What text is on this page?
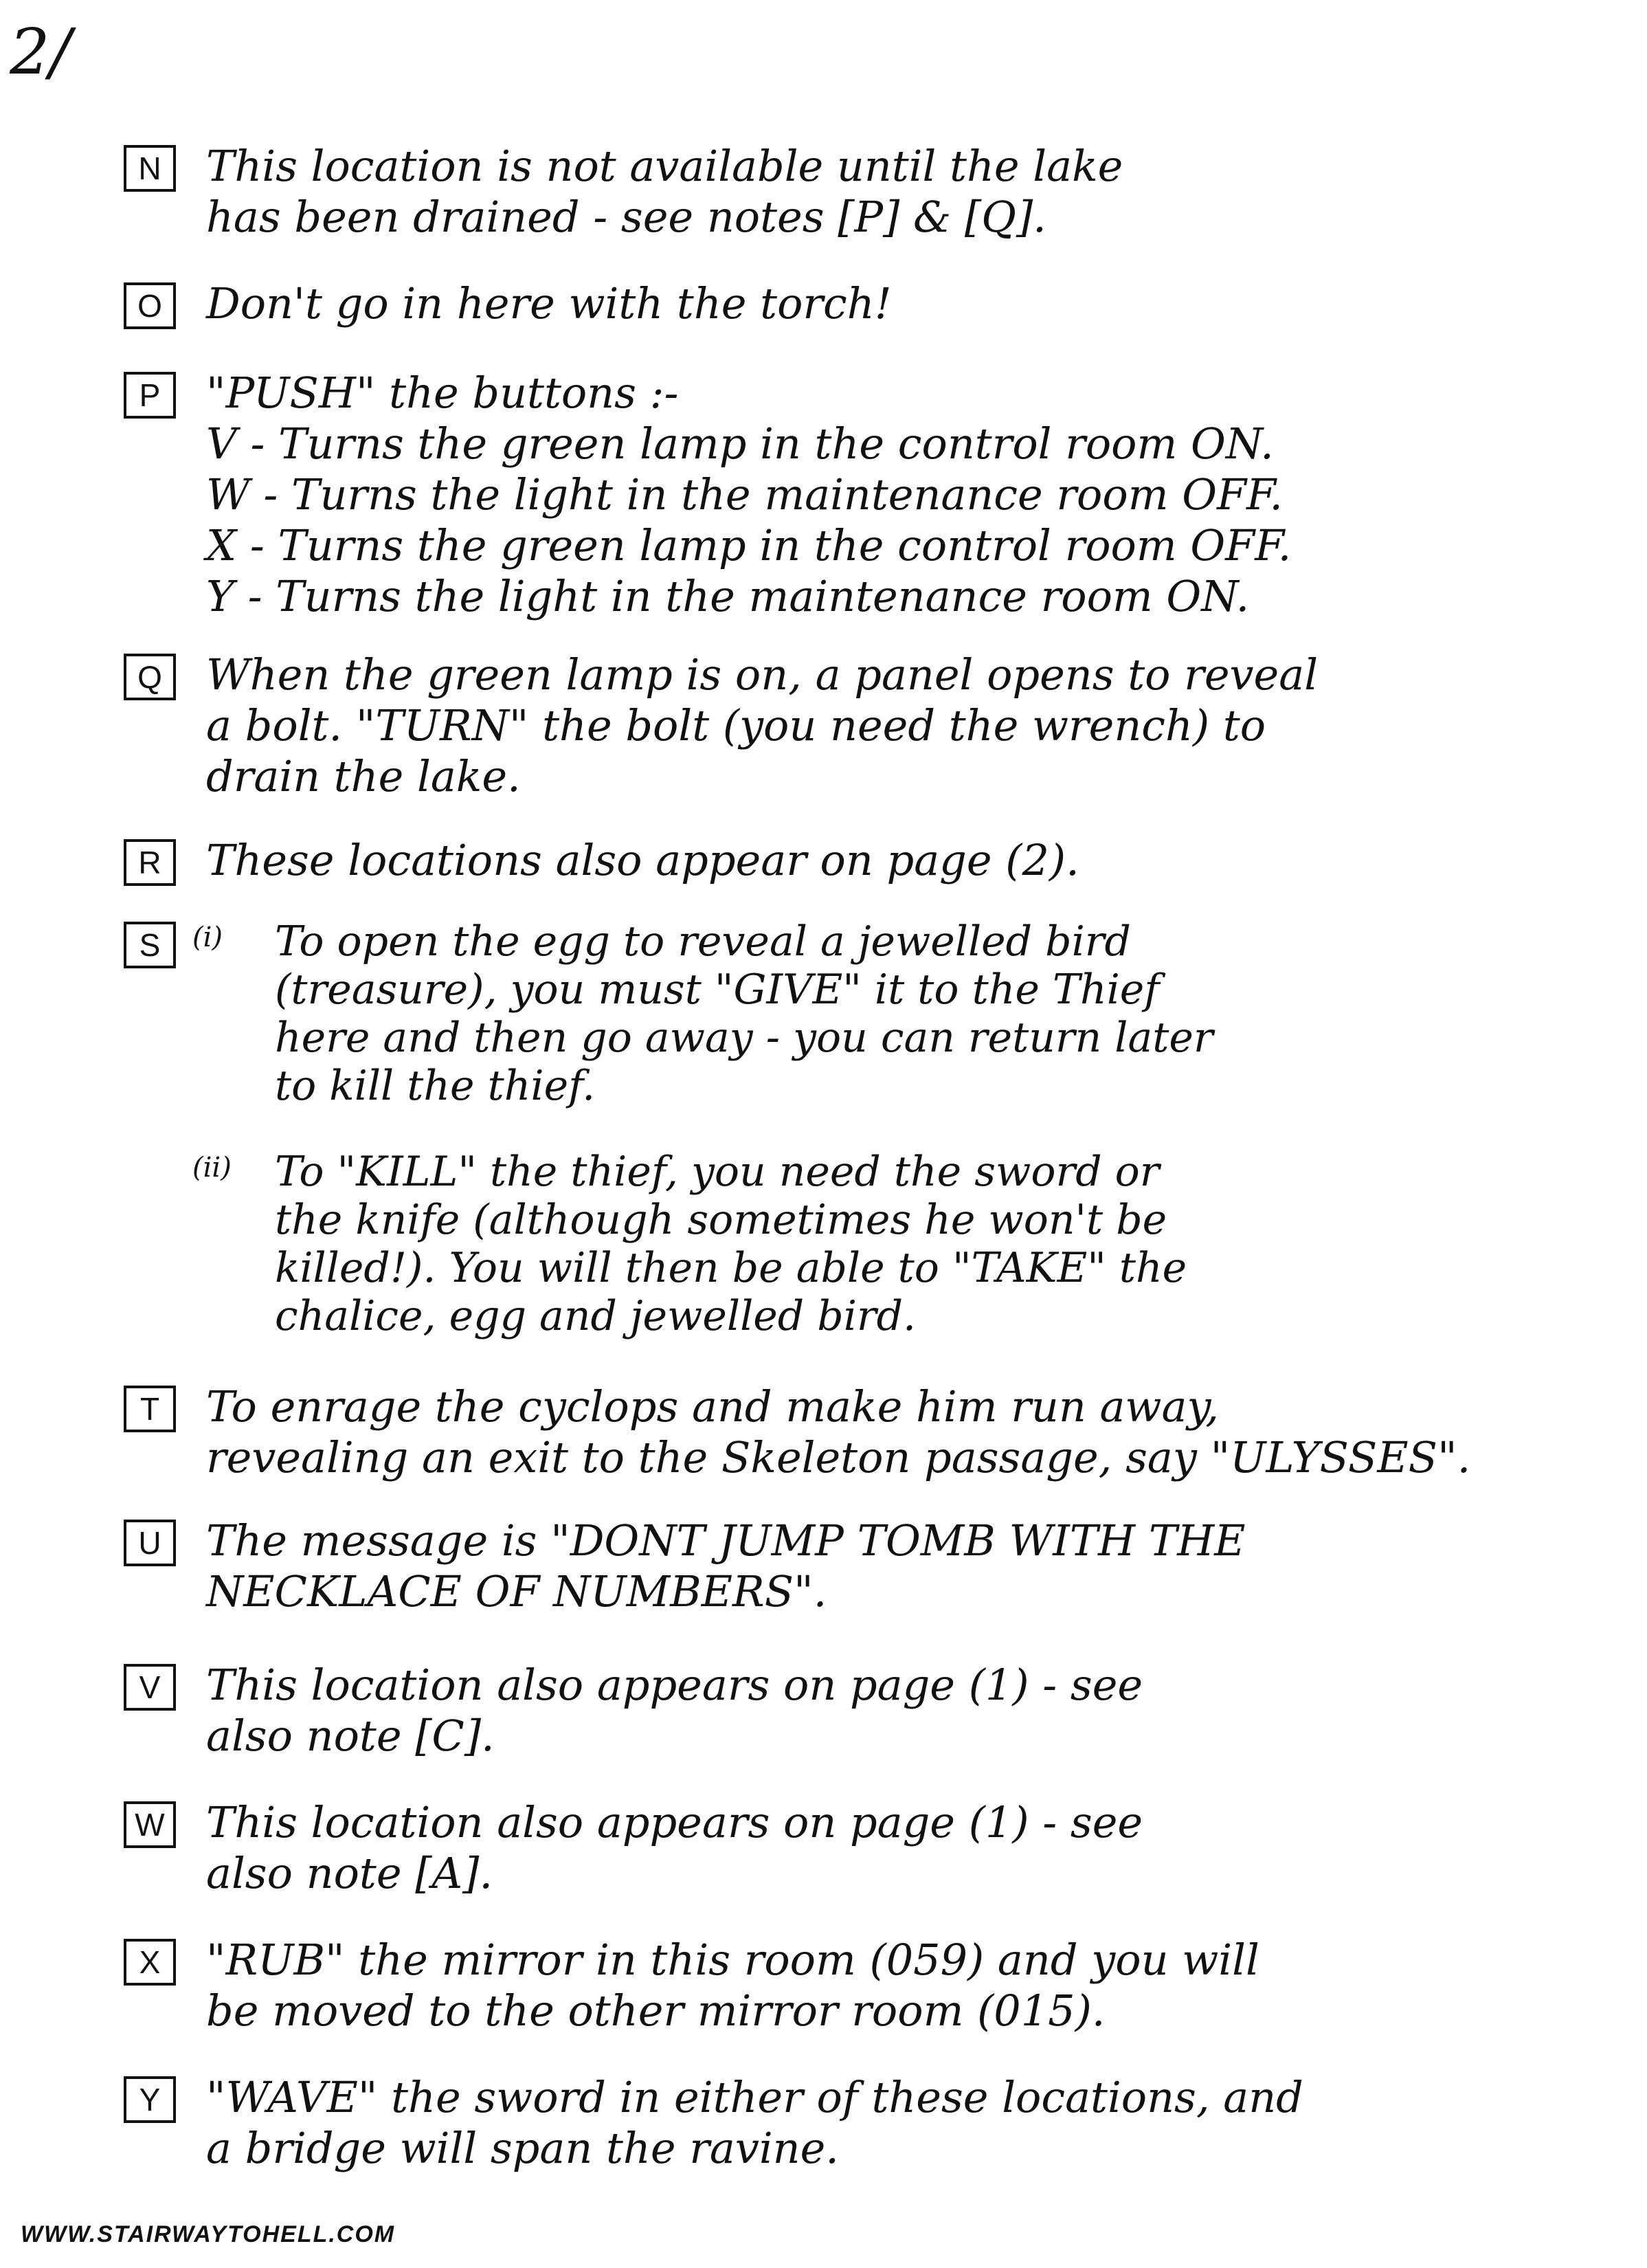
2/
N	This location is not available until the lake
has been drained - see notes [P] & [Q].
O	Don't go in here with the torch!
P	"PUSH" the buttons :-
V - Turns the green lamp in the control room ON.
W - Turns the light in the maintenance room OFF.
X - Turns the green lamp in the control room OFF.
Y - Turns the light in the maintenance room ON.
Q	When the green lamp is on, a panel opens to reveal
a bolt. "TURN" the bolt (you need the wrench) to
drain the lake.
R	These locations also appear on page (2).
S	(i) To open the egg to reveal a jewelled bird
(treasure), you must "GIVE" it to the Thief
here and then go away - you can return later
to kill the thief.
(ii) To "KILL" the thief, you need the sword or
the knife (although sometimes he won't be
killed!). You will then be able to "TAKE" the
chalice, egg and jewelled bird.
T	To enrage the cyclops and make him run away,
revealing an exit to the Skeleton passage, say "ULYSSES".
U	The message is "DONT JUMP TOMB WITH THE
NECKLACE OF NUMBERS".
V	This location also appears on page (1) - see
also note [C].
W This location also appears on page (1) - see
also note [A].
X	"RUB" the mirror in this room (059) and you will
be moved to the other mirror room (015).
Y	"WAVE" the sword in either of these locations, and
a bridge will span the ravine.
WWW.STAIRWAYTOHELL.COM
